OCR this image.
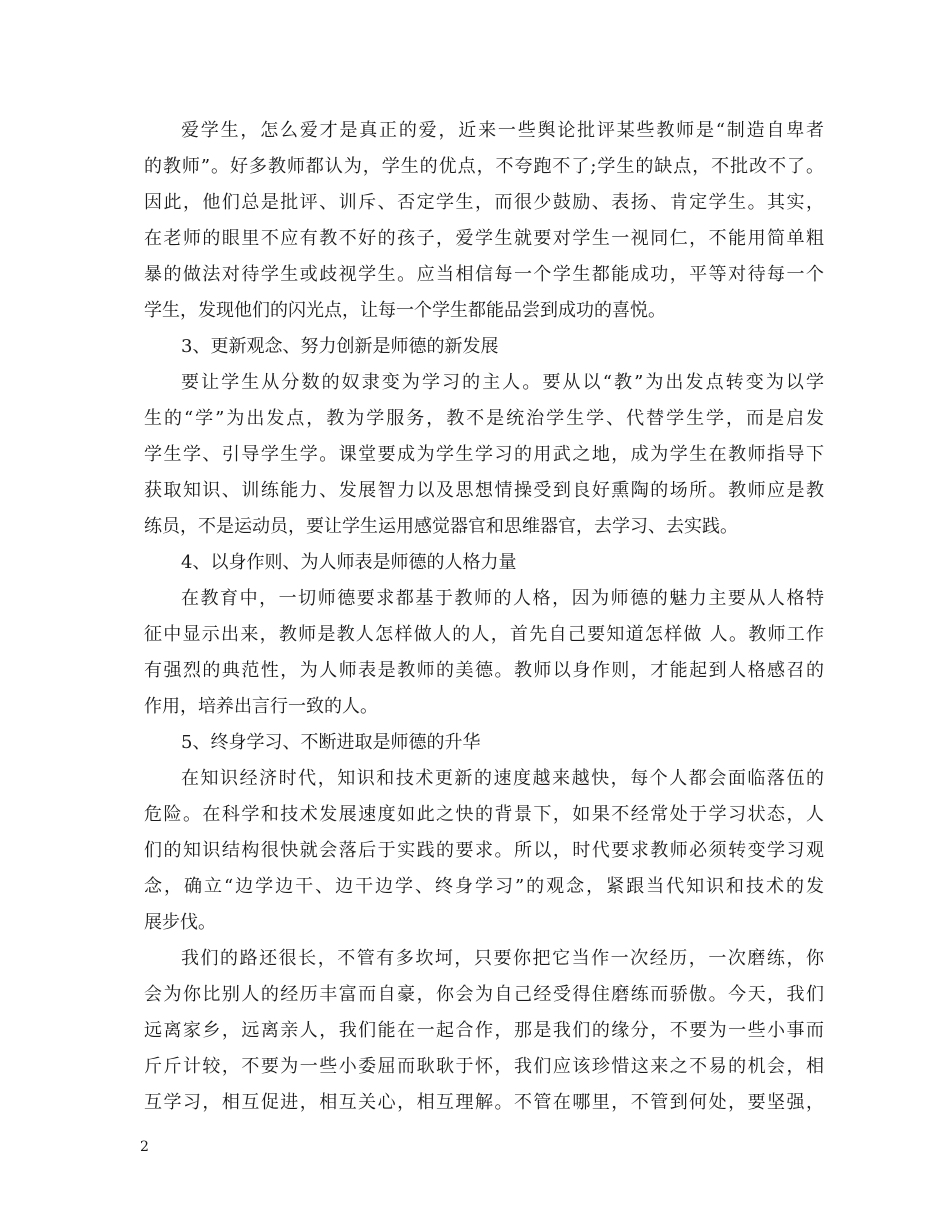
爱学生，怎么爱才是真正的爱，近来一些舆论批评某些教师是“制造自卑者
的教师”。好多教师都认为，学生的优点，不夸跑不了;学生的缺点，不批改不了。
因此，他们总是批评、训斥、否定学生，而很少鼓励、表扬、肯定学生。其实，
在老师的眼里不应有教不好的孩子，爱学生就要对学生一视同仁，不能用简单粗
暴的做法对待学生或歧视学生。应当相信每一个学生都能成功，平等对待每一个
学生，发现他们的闪光点，让每一个学生都能品尝到成功的喜悦。
3、更新观念、努力创新是师德的新发展
要让学生从分数的奴隶变为学习的主人。要从以“教”为出发点转变为以学
生的“学”为出发点，教为学服务，教不是统治学生学、代替学生学，而是启发
学生学、引导学生学。课堂要成为学生学习的用武之地，成为学生在教师指导下
获取知识、训练能力、发展智力以及思想情操受到良好熏陶的场所。教师应是教
练员，不是运动员，要让学生运用感觉器官和思维器官，去学习、去实践。
4、以身作则、为人师表是师德的人格力量
在教育中，一切师德要求都基于教师的人格，因为师德的魅力主要从人格特
征中显示出来，教师是教人怎样做人的人，首先自己要知道怎样做 人。教师工作
有强烈的典范性，为人师表是教师的美德。教师以身作则，才能起到人格感召的
作用，培养出言行一致的人。
5、终身学习、不断进取是师德的升华
在知识经济时代，知识和技术更新的速度越来越快，每个人都会面临落伍的
危险。在科学和技术发展速度如此之快的背景下，如果不经常处于学习状态，人
们的知识结构很快就会落后于实践的要求。所以，时代要求教师必须转变学习观
念，确立“边学边干、边干边学、终身学习”的观念，紧跟当代知识和技术的发
展步伐。
我们的路还很长，不管有多坎坷，只要你把它当作一次经历，一次磨练，你
会为你比别人的经历丰富而自豪，你会为自己经受得住磨练而骄傲。今天，我们
远离家乡，远离亲人，我们能在一起合作，那是我们的缘分，不要为一些小事而
斤斤计较，不要为一些小委屈而耿耿于怀，我们应该珍惜这来之不易的机会，相
互学习，相互促进，相互关心，相互理解。不管在哪里，不管到何处，要坚强，
2
